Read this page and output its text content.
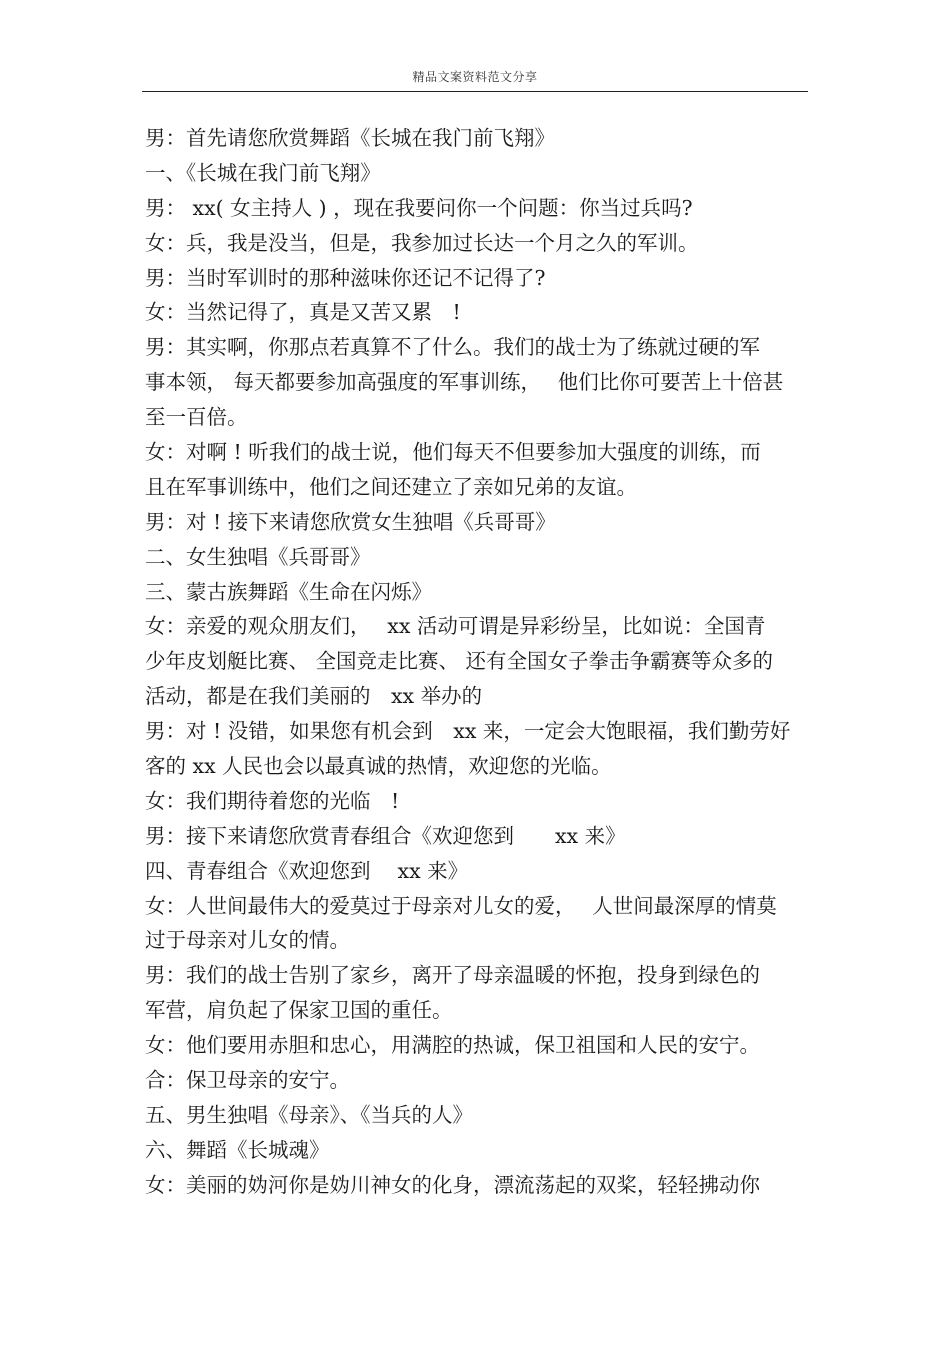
精品文案资料范文分享
男：首先请您欣赏舞蹈《长城在我门前飞翔》
一、《长城在我门前飞翔》
男： xx( 女主持人 ) ，现在我要问你一个问题：你当过兵吗?
女：兵，我是没当，但是，我参加过长达一个月之久的军训。
男：当时军训时的那种滋味你还记不记得了?
女：当然记得了，真是又苦又累　!
男：其实啊，你那点若真算不了什么。我们的战士为了练就过硬的军
事本领， 每天都要参加高强度的军事训练，　 他们比你可要苦上十倍甚
至一百倍。
女：对啊 ! 听我们的战士说，他们每天不但要参加大强度的训练，而
且在军事训练中，他们之间还建立了亲如兄弟的友谊。
男：对 ! 接下来请您欣赏女生独唱《兵哥哥》
二、女生独唱《兵哥哥》
三、蒙古族舞蹈《生命在闪烁》
女：亲爱的观众朋友们，　 xx 活动可谓是异彩纷呈，比如说：全国青
少年皮划艇比赛、 全国竞走比赛、 还有全国女子拳击争霸赛等众多的
活动，都是在我们美丽的　xx 举办的
男：对 ! 没错，如果您有机会到　xx 来，一定会大饱眼福，我们勤劳好
客的 xx 人民也会以最真诚的热情，欢迎您的光临。
女：我们期待着您的光临　!
男：接下来请您欣赏青春组合《欢迎您到　　xx 来》
四、青春组合《欢迎您到　 xx 来》
女：人世间最伟大的爱莫过于母亲对儿女的爱，　 人世间最深厚的情莫
过于母亲对儿女的情。
男：我们的战士告别了家乡，离开了母亲温暖的怀抱，投身到绿色的
军营，肩负起了保家卫国的重任。
女：他们要用赤胆和忠心，用满腔的热诚，保卫祖国和人民的安宁。
合：保卫母亲的安宁。
五、男生独唱《母亲》、《当兵的人》
六、舞蹈《长城魂》
女：美丽的妫河你是妫川神女的化身，漂流荡起的双桨，轻轻拂动你
